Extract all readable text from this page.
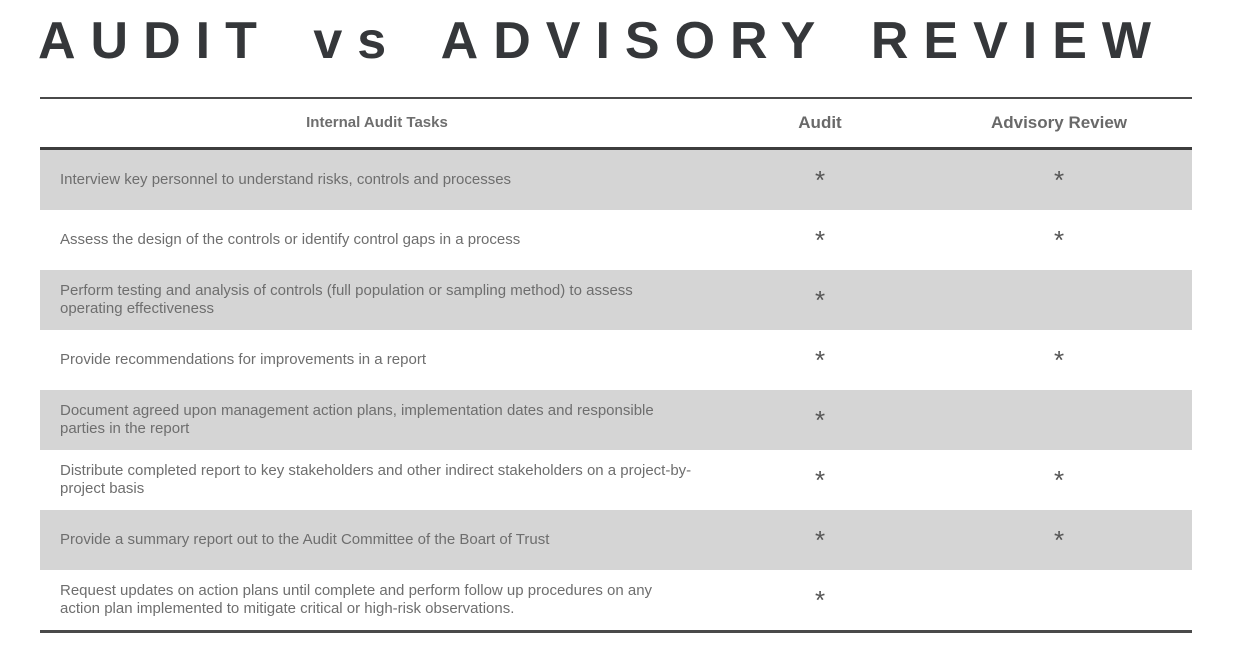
AUDIT vs ADVISORY REVIEW
Internal Audit Tasks	Audit	Advisory Review
Interview key personnel to understand risks, controls and processes	*	*
Assess the design of the controls or identify control gaps in a process	*	*
Perform testing and analysis of controls (full population or sampling method) to assess operating effectiveness	*
Provide recommendations for improvements in a report	*	*
Document agreed upon management action plans, implementation dates and responsible parties in the report	*
Distribute completed report to key stakeholders and other indirect stakeholders on a project-by-project basis	*	*
Provide a summary report out to the Audit Committee of the Boart of Trust	*	*
Request updates on action plans until complete and perform follow up procedures on any action plan implemented to mitigate critical or high-risk observations.	*
